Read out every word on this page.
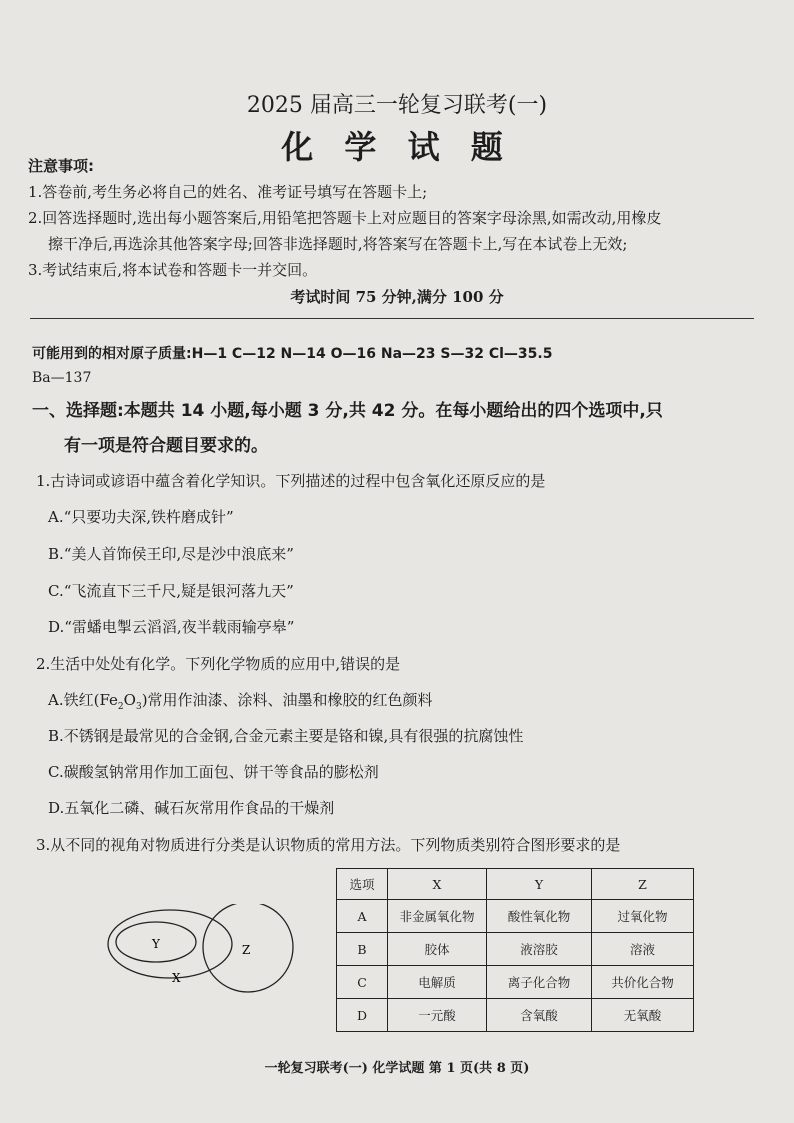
2025 届高三一轮复习联考(一)
化 学 试 题
注意事项:
1.答卷前,考生务必将自己的姓名、准考证号填写在答题卡上;
2.回答选择题时,选出每小题答案后,用铅笔把答题卡上对应题目的答案字母涂黑,如需改动,用橡皮
擦干净后,再选涂其他答案字母;回答非选择题时,将答案写在答题卡上,写在本试卷上无效;
3.考试结束后,将本试卷和答题卡一并交回。
考试时间 75 分钟,满分 100 分
可能用到的相对原子质量:H—1 C—12 N—14 O—16 Na—23 S—32 Cl—35.5
Ba—137
一、选择题:本题共 14 小题,每小题 3 分,共 42 分。在每小题给出的四个选项中,只
有一项是符合题目要求的。
1.古诗词或谚语中蕴含着化学知识。下列描述的过程中包含氧化还原反应的是
A.“只要功夫深,铁杵磨成针”
B.“美人首饰侯王印,尽是沙中浪底来”
C.“飞流直下三千尺,疑是银河落九天”
D.“雷蟠电掣云滔滔,夜半载雨输亭皋”
2.生活中处处有化学。下列化学物质的应用中,错误的是
A.铁红$(Fe_2O_3)$常用作油漆、涂料、油墨和橡胶的红色颜料
B.不锈钢是最常见的合金钢,合金元素主要是铬和镍,具有很强的抗腐蚀性
C.碳酸氢钠常用作加工面包、饼干等食品的膨松剂
D.五氧化二磷、碱石灰常用作食品的干燥剂
3.从不同的视角对物质进行分类是认识物质的常用方法。下列物质类别符合图形要求的是
Y
X
Z
选项	X	Y	Z
A	非金属氧化物	酸性氧化物	过氧化物
B	胶体	液溶胶	溶液
C	电解质	离子化合物	共价化合物
D	一元酸	含氧酸	无氧酸
一轮复习联考(一) 化学试题 第 1 页(共 8 页)
